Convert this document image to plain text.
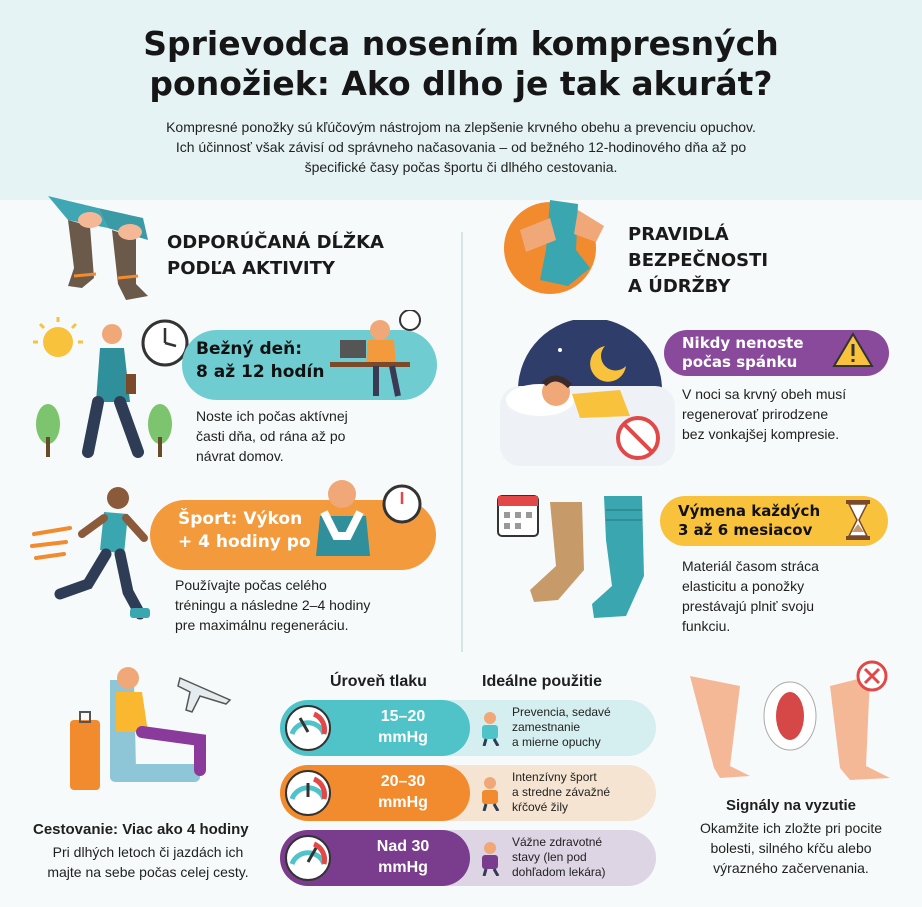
Sprievodca nosením kompresných
ponožiek: Ako dlho je tak akurát?
Kompresné ponožky sú kľúčovým nástrojom na zlepšenie krvného obehu a prevenciu opuchov.
Ich účinnosť však závisí od správneho načasovania – od bežného 12-hodinového dňa až po
špecifické časy počas športu či dlhého cestovania.
ODPORÚČANÁ DĹŽKA
PODĽA AKTIVITY
Bežný deň:
8 až 12 hodín
Noste ich počas aktívnej
časti dňa, od rána až po
návrat domov.
Šport: Výkon
+ 4 hodiny po
Používajte počas celého
tréningu a následne 2–4 hodiny
pre maximálnu regeneráciu.
Cestovanie: Viac ako 4 hodiny
Pri dlhých letoch či jazdách ich
majte na sebe počas celej cesty.
PRAVIDLÁ
BEZPEČNOSTI
A ÚDRŽBY
Nikdy nenoste
počas spánku
V noci sa krvný obeh musí
regenerovať prirodzene
bez vonkajšej kompresie.
Výmena každých
3 až 6 mesiacov
Materiál časom stráca
elasticitu a ponožky
prestávajú plniť svoju
funkciu.
Signály na vyzutie
Okamžite ich zložte pri pocite
bolesti, silného kŕču alebo
výrazného začervenania.
Úroveň tlaku	Ideálne použitie
15–20
mmHg
Prevencia, sedavé
zamestnanie
a mierne opuchy
20–30
mmHg
Intenzívny šport
a stredne závažné
kŕčové žily
Nad 30
mmHg
Vážne zdravotné
stavy (len pod
dohľadom lekára)
